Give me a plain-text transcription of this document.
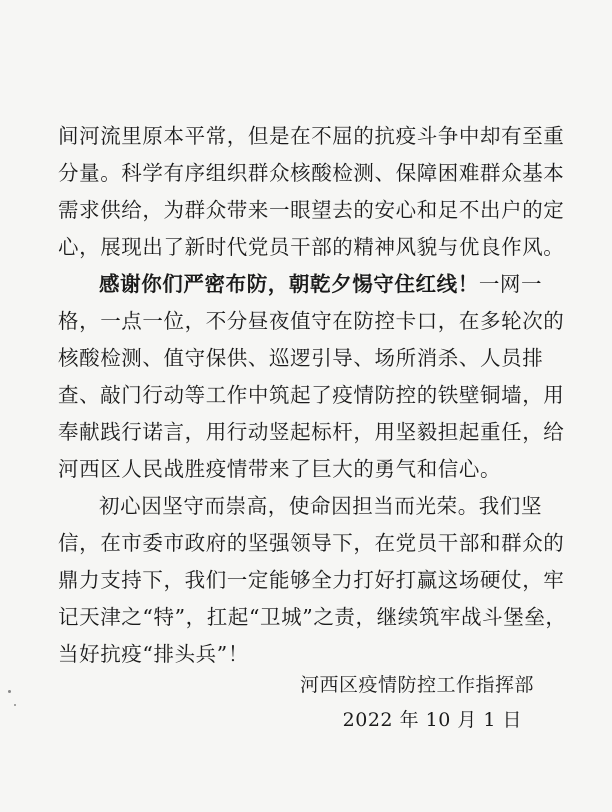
间河流里原本平常，但是在不屈的抗疫斗争中却有至重分量。科学有序组织群众核酸检测、保障困难群众基本需求供给，为群众带来一眼望去的安心和足不出户的定心，展现出了新时代党员干部的精神风貌与优良作风。

感谢你们严密布防，朝乾夕惕守住红线！一网一格，一点一位，不分昼夜值守在防控卡口，在多轮次的核酸检测、值守保供、巡逻引导、场所消杀、人员排查、敲门行动等工作中筑起了疫情防控的铁壁铜墙，用奉献践行诺言，用行动竖起标杆，用坚毅担起重任，给河西区人民战胜疫情带来了巨大的勇气和信心。

初心因坚守而崇高，使命因担当而光荣。我们坚信，在市委市政府的坚强领导下，在党员干部和群众的鼎力支持下，我们一定能够全力打好打赢这场硬仗，牢记天津之“特”，扛起“卫城”之责，继续筑牢战斗堡垒，当好抗疫“排头兵”！

河西区疫情防控工作指挥部
2022 年 10 月 1 日
